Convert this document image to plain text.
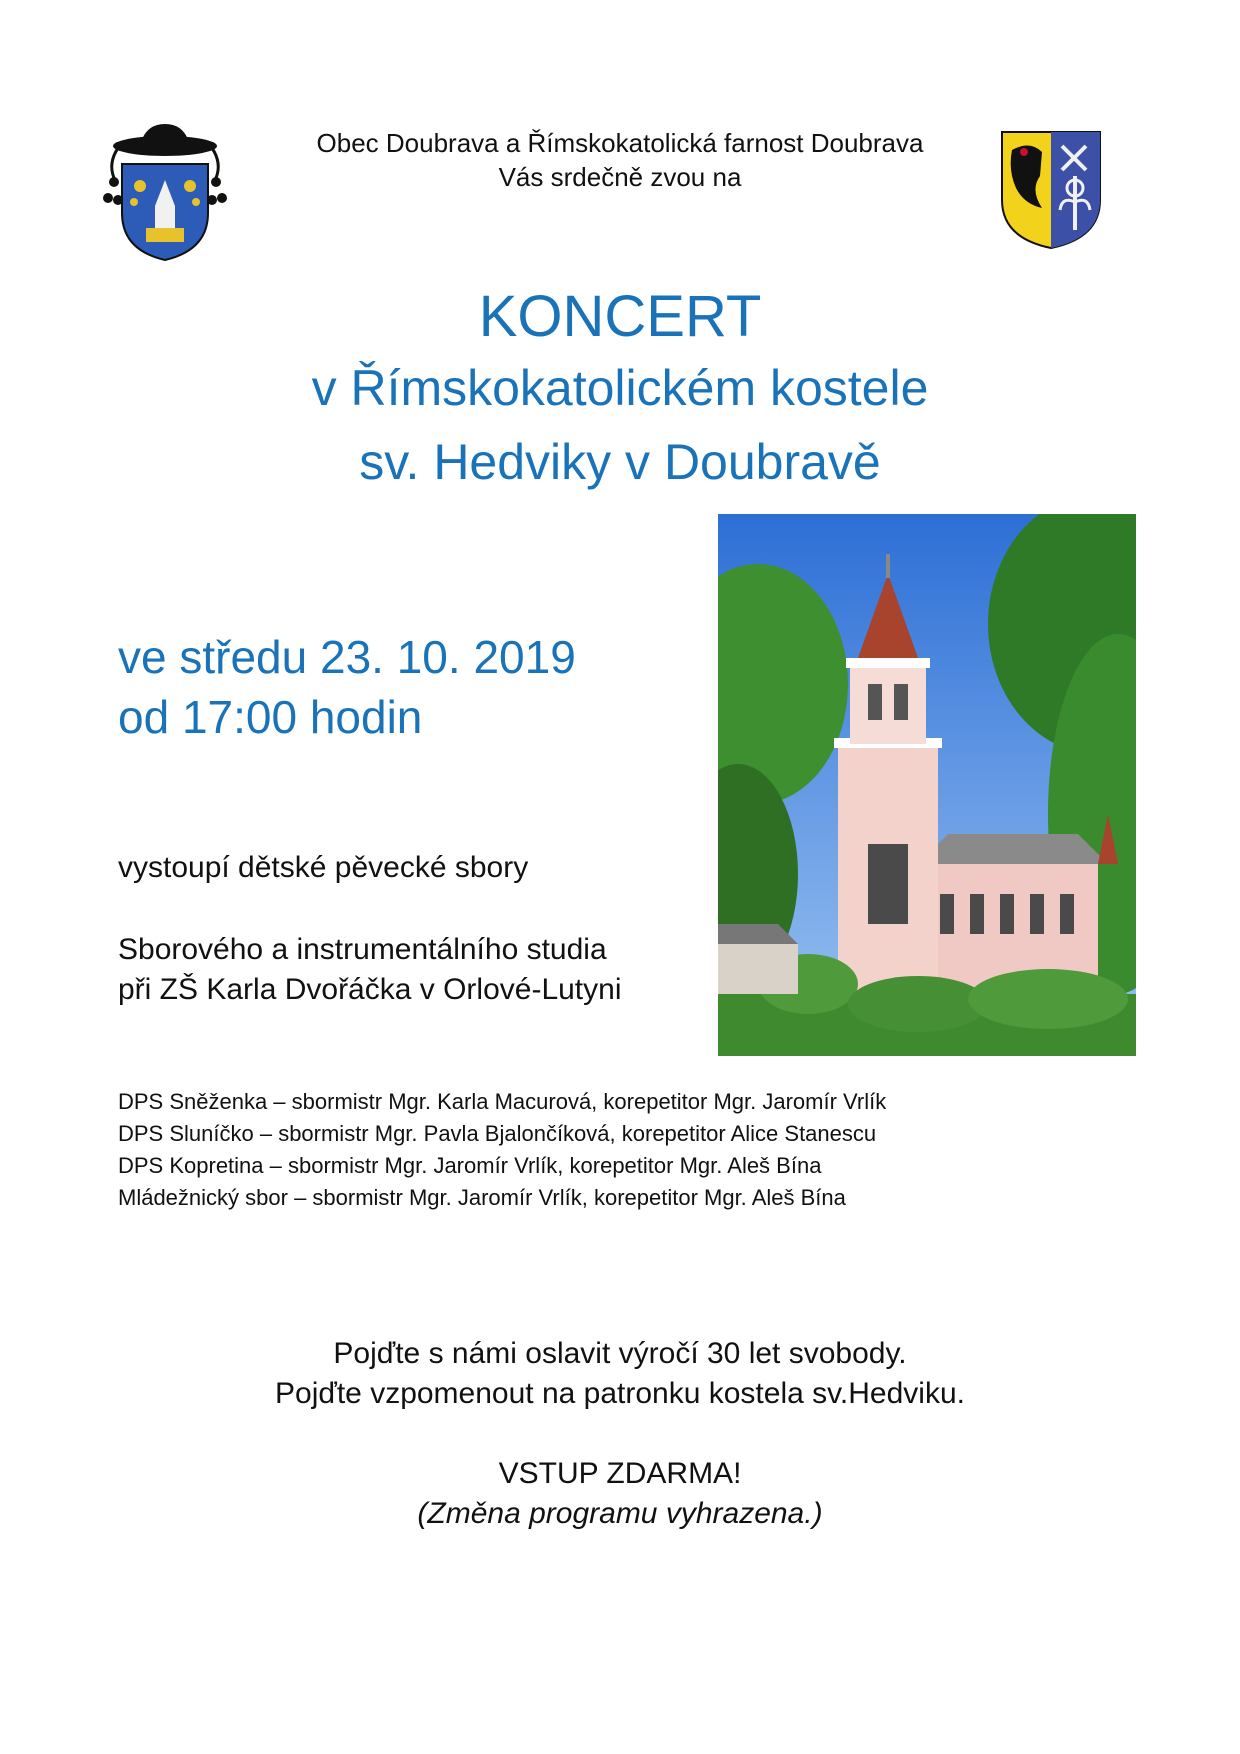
Obec Doubrava a Římskokatolická farnost Doubrava
Vás srdečně zvou na
KONCERT
v Římskokatolickém kostele
sv. Hedviky v Doubravě
ve středu 23. 10. 2019
od 17:00 hodin
vystoupí dětské pěvecké sbory
Sborového a instrumentálního studia
při ZŠ Karla Dvořáčka v Orlové-Lutyni
DPS Sněženka – sbormistr Mgr. Karla Macurová, korepetitor Mgr. Jaromír Vrlík
DPS Sluníčko – sbormistr Mgr. Pavla Bjalončíková, korepetitor Alice Stanescu
DPS Kopretina – sbormistr Mgr. Jaromír Vrlík, korepetitor Mgr. Aleš Bína
Mládežnický sbor – sbormistr Mgr. Jaromír Vrlík, korepetitor Mgr. Aleš Bína
Pojďte s námi oslavit výročí 30 let svobody.
Pojďte vzpomenout na patronku kostela sv.Hedviku.
VSTUP ZDARMA!
(Změna programu vyhrazena.)
